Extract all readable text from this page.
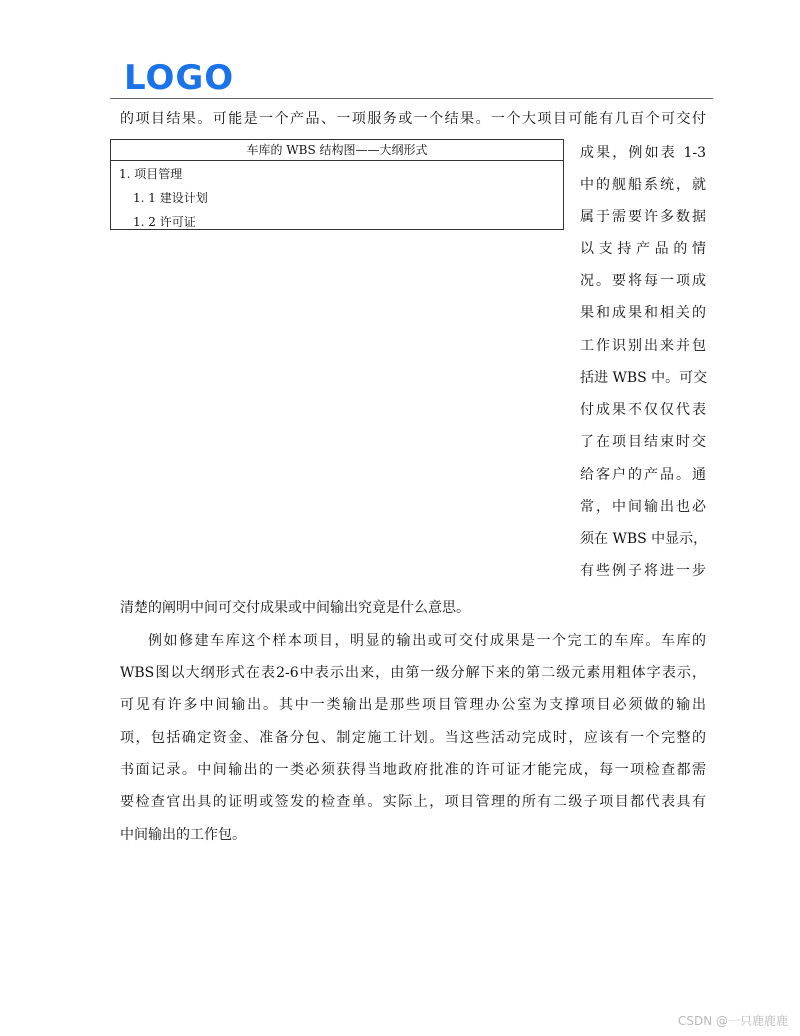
LOGO
的项目结果。可能是一个产品、一项服务或一个结果。一个大项目可能有几百个可交付
车库的 WBS 结构图——大纲形式
1. 项目管理
1. 1 建设计划
1. 2 许可证
成果，例如表 1-3
中的舰船系统，就
属于需要许多数据
以支持产品的情
况。要将每一项成
果和成果和相关的
工作识别出来并包
括进 WBS 中。可交
付成果不仅仅代表
了在项目结束时交
给客户的产品。通
常，中间输出也必
须在 WBS 中显示，
有些例子将进一步
清楚的阐明中间可交付成果或中间输出究竟是什么意思。
例如修建车库这个样本项目，明显的输出或可交付成果是一个完工的车库。车库的
WBS图以大纲形式在表2-6中表示出来，由第一级分解下来的第二级元素用粗体字表示，
可见有许多中间输出。其中一类输出是那些项目管理办公室为支撑项目必须做的输出
项，包括确定资金、准备分包、制定施工计划。当这些活动完成时，应该有一个完整的
书面记录。中间输出的一类必须获得当地政府批准的许可证才能完成，每一项检查都需
要检查官出具的证明或签发的检查单。实际上，项目管理的所有二级子项目都代表具有
中间输出的工作包。
CSDN @一只鹿鹿鹿
